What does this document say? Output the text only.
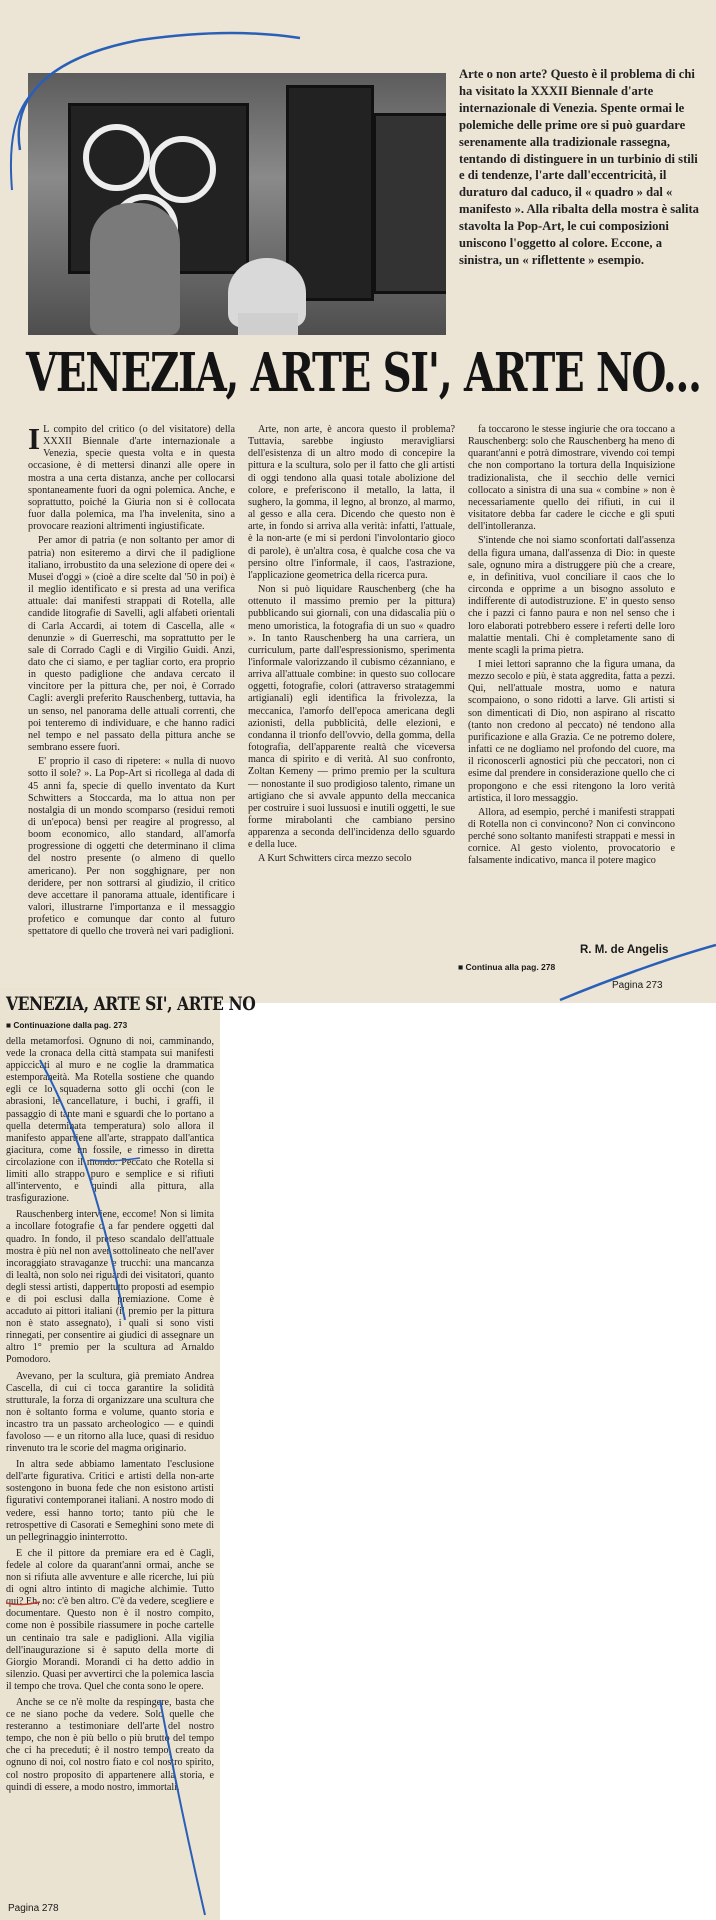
Arte o non arte? Questo è il problema di chi ha visitato la XXXII Biennale d'arte internazionale di Venezia. Spente ormai le polemiche delle prime ore si può guardare serenamente alla tradizionale rassegna, tentando di distinguere in un turbinio di stili e di tendenze, l'arte dall'eccentricità, il duraturo dal caduco, il « quadro » dal « manifesto ». Alla ribalta della mostra è salita stavolta la Pop-Art, le cui composizioni uniscono l'oggetto al colore. Eccone, a sinistra, un « riflettente » esempio.
VENEZIA, ARTE SI', ARTE NO...
I L compito del critico (o del visitatore) della XXXII Biennale d'arte internazionale a Venezia, specie questa volta e in questa occasione, è di mettersi dinanzi alle opere in mostra a una certa distanza, anche per collocarsi spontaneamente fuori da ogni polemica. Anche, e soprattutto, poiché la Giuria non si è collocata fuor dalla polemica, ma l'ha invelenita, sino a provocare reazioni altrimenti ingiustificate.

Per amor di patria (e non soltanto per amor di patria) non esiteremo a dirvi che il padiglione italiano, irrobustito da una selezione di opere dei « Musei d'oggi » (cioè a dire scelte dal '50 in poi) è il meglio identificato e si presta ad una verifica attuale: dai manifesti strappati di Rotella, alle candide litografie di Savelli, agli alfabeti orientali di Carla Accardi, ai totem di Cascella, alle « denunzie » di Guerreschi, ma soprattutto per le sale di Corrado Cagli e di Virgilio Guidi. Anzi, dato che ci siamo, e per tagliar corto, era proprio in questo padiglione che andava cercato il vincitore per la pittura che, per noi, è Corrado Cagli: avergli preferito Rauschenberg, tuttavia, ha un senso, nel panorama delle attuali correnti, che poi tenteremo di individuare, e che hanno radici nel tempo e nel passato della pittura anche se sembrano essere fuori.

E' proprio il caso di ripetere: « nulla di nuovo sotto il sole? ». La Pop-Art si ricollega al dada di 45 anni fa, specie di quello inventato da Kurt Schwitters a Stoccarda, ma lo attua non per nostalgia di un mondo scomparso (residui remoti di un'epoca) bensì per reagire al progresso, al boom economico, allo standard, all'amorfa progressione di oggetti che determinano il clima del nostro presente (o almeno di quello americano). Per non sogghignare, per non deridere, per non sottrarsi al giudizio, il critico deve accettare il panorama attuale, identificare i valori, illustrarne l'importanza e il messaggio profetico e comunque dar conto al futuro spettatore di quello che troverà nei vari padiglioni.

Arte, non arte, è ancora questo il problema? Tuttavia, sarebbe ingiusto meravigliarsi dell'esistenza di un altro modo di concepire la pittura e la scultura, solo per il fatto che gli artisti di oggi tendono alla quasi totale abolizione del colore, e preferiscono il metallo, la latta, il sughero, la gomma, il legno, al bronzo, al marmo, al gesso e alla cera. Dicendo che questo non è arte, in fondo si arriva alla verità: infatti, l'attuale, è la non-arte (e mi si perdoni l'involontario gioco di parole), è un'altra cosa, è qualche cosa che va persino oltre l'informale, il caos, l'astrazione, l'applicazione geometrica della ricerca pura.

Non si può liquidare Rauschenberg (che ha ottenuto il massimo premio per la pittura) pubblicando sui giornali, con una didascalia più o meno umoristica, la fotografia di un suo « quadro ». In tanto Rauschenberg ha una carriera, un curriculum, parte dall'espressionismo, sperimenta l'informale valorizzando il cubismo cézanniano, e arriva all'attuale combine: in questo suo collocare oggetti, fotografie, colori (attraverso stratagemmi artigianali) egli identifica la frivolezza, la meccanica, l'amorfo dell'epoca americana degli azionisti, della pubblicità, delle elezioni, e condanna il trionfo dell'ovvio, della gomma, della fotografia, dell'apparente realtà che viceversa manca di spirito e di verità. Al suo confronto, Zoltan Kemeny — primo premio per la scultura — nonostante il suo prodigioso talento, rimane un artigiano che si avvale appunto della meccanica per costruire i suoi lussuosi e inutili oggetti, le sue forme mirabolanti che cambiano persino apparenza a seconda dell'incidenza dello sguardo e della luce.

A Kurt Schwitters circa mezzo secolo

fa toccarono le stesse ingiurie che ora toccano a Rauschenberg: solo che Rauschenberg ha meno di quarant'anni e potrà dimostrare, vivendo coi tempi che non comportano la tortura della Inquisizione tradizionalista, che il secchio delle vernici collocato a sinistra di una sua « combine » non è necessariamente quello dei rifiuti, in cui il visitatore debba far cadere le cicche e gli sputi dell'intolleranza.

S'intende che noi siamo sconfortati dall'assenza della figura umana, dall'assenza di Dio: in queste sale, ognuno mira a distruggere più che a creare, e, in definitiva, vuol conciliare il caos che lo circonda e opprime a un bisogno assoluto e indifferente di autodistruzione. E' in questo senso che i pazzi ci fanno paura e non nel senso che i loro elaborati potrebbero essere i referti delle loro malattie mentali. Chi è completamente sano di mente scagli la prima pietra.

I miei lettori sapranno che la figura umana, da mezzo secolo e più, è stata aggredita, fatta a pezzi. Qui, nell'attuale mostra, uomo e natura scompaiono, o sono ridotti a larve. Gli artisti si son dimenticati di Dio, non aspirano al riscatto (tanto non credono al peccato) né tendono alla purificazione e alla Grazia. Ce ne potremo dolere, infatti ce ne dogliamo nel profondo del cuore, ma il riconoscerli agnostici più che peccatori, non ci esime dal prendere in considerazione quello che ci propongono e che essi ritengono la loro verità artistica, il loro messaggio.

Allora, ad esempio, perché i manifesti strappati di Rotella non ci convincono? Non ci convincono perché sono soltanto manifesti strappati e messi in cornice. Al gesto violento, provocatorio e falsamente indicativo, manca il potere magico

R. M. de Angelis
■ Continua alla pag. 278
Pagina 273
VENEZIA, ARTE SI', ARTE NO
■ Continuazione dalla pag. 273

della metamorfosi. Ognuno di noi, camminando, vede la cronaca della città stampata sui manifesti appiccicati al muro e ne coglie la drammatica estemporaneità. Ma Rotella sostiene che quando egli ce lo squaderna sotto gli occhi (con le abrasioni, le cancellature, i buchi, i graffi, il passaggio di tante mani e sguardi che lo portano a quella determinata temperatura) solo allora il manifesto appartiene all'arte, strappato dall'antica giacitura, come un fossile, e rimesso in diretta circolazione con il mondo. Peccato che Rotella si limiti allo strappo puro e semplice e si rifiuti all'intervento, e quindi alla pittura, alla trasfigurazione.

Rauschenberg interviene, eccome! Non si limita a incollare fotografie o a far pendere oggetti dal quadro. In fondo, il preteso scandalo dell'attuale mostra è più nel non aver sottolineato che nell'aver incoraggiato stravaganze e trucchi: una mancanza di lealtà, non solo nei riguardi dei visitatori, quanto degli stessi artisti, dappertutto proposti ad esempio e di poi esclusi dalla premiazione. Come è accaduto ai pittori italiani (il premio per la pittura non è stato assegnato), i quali si sono visti rinnegati, per consentire ai giudici di assegnare un altro 1° premio per la scultura ad Arnaldo Pomodoro.

Avevano, per la scultura, già premiato Andrea Cascella, di cui ci tocca garantire la solidità strutturale, la forza di organizzare una scultura che non è soltanto forma e volume, quanto storia e incastro tra un passato archeologico — e quindi favoloso — e un ritorno alla luce, quasi di residuo rinvenuto tra le scorie del magma originario.

In altra sede abbiamo lamentato l'esclusione dell'arte figurativa. Critici e artisti della non-arte sostengono in buona fede che non esistono artisti figurativi contemporanei italiani. A nostro modo di vedere, essi hanno torto; tanto più che le retrospettive di Casorati e Semeghini sono mete di un pellegrinaggio ininterrotto.

E che il pittore da premiare era ed è Cagli, fedele al colore da quarant'anni ormai, anche se non si rifiuta alle avventure e alle ricerche, lui più di ogni altro intinto di magiche alchimie. Tutto qui? Eh, no: c'è ben altro. C'è da vedere, scegliere e documentare. Questo non è il nostro compito, come non è possibile riassumere in poche cartelle un centinaio tra sale e padiglioni. Alla vigilia dell'inaugurazione si è saputo della morte di Giorgio Morandi. Morandi ci ha detto addio in silenzio. Quasi per avvertirci che la polemica lascia il tempo che trova. Quel che conta sono le opere.

Anche se ce n'è molte da respingere, basta che ce ne siano poche da vedere. Solo quelle che resteranno a testimoniare dell'arte del nostro tempo, che non è più bello o più brutto del tempo che ci ha preceduti; è il nostro tempo, creato da ognuno di noi, col nostro fiato e col nostro spirito, col nostro proposito di appartenere alla storia, e quindi di essere, a modo nostro, immortali.

Pagina 278
